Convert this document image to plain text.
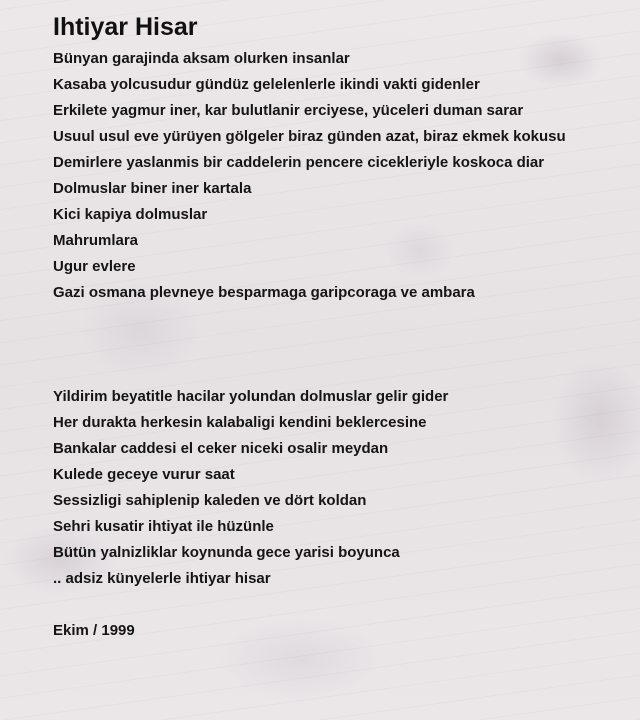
Ihtiyar Hisar
Bünyan garajinda aksam olurken insanlar
Kasaba yolcusudur gündüz gelelenlerle ikindi vakti gidenler
Erkilete yagmur iner, kar bulutlanir erciyese, yüceleri duman sarar
Usuul usul eve yürüyen gölgeler biraz günden azat, biraz ekmek kokusu
Demirlere yaslanmis bir caddelerin pencere cicekleriyle koskoca diar
Dolmuslar biner iner kartala
Kici kapiya dolmuslar
Mahrumlara
Ugur evlere
Gazi osmana plevneye besparmaga garipcoraga ve ambara
Yildirim beyatitle hacilar yolundan dolmuslar gelir gider
Her durakta herkesin kalabaligi kendini beklercesine
Bankalar caddesi el ceker niceki osalir meydan
Kulede geceye vurur saat
Sessizligi sahiplenip kaleden ve dört koldan
Sehri kusatir ihtiyat ile hüzünle
Bütün yalnizliklar koynunda gece yarisi boyunca
.. adsiz künyelerle ihtiyar hisar
Ekim / 1999
